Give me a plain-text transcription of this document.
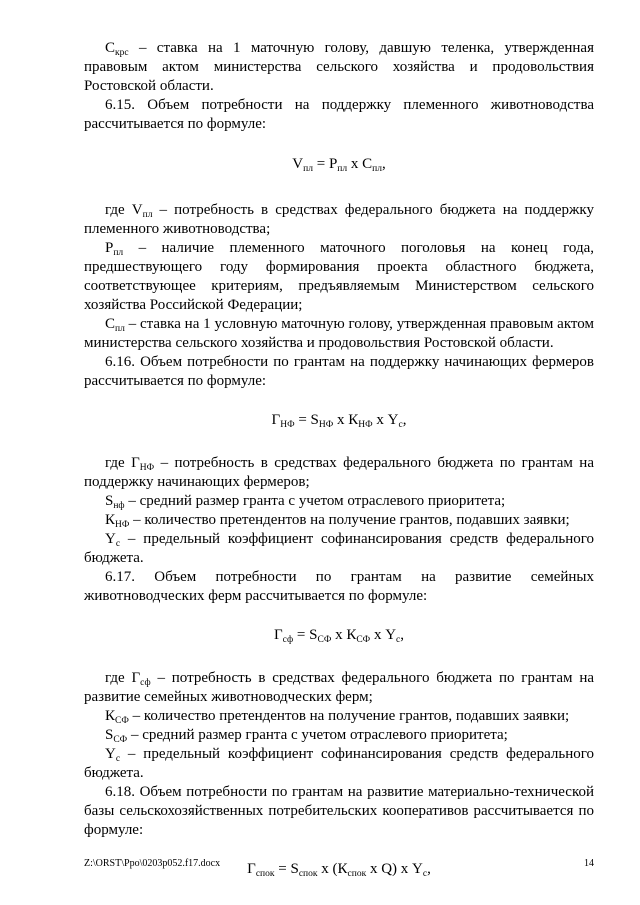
$С_{крс}$ – ставка на 1 маточную голову, давшую теленка, утвержденная правовым актом министерства сельского хозяйства и продовольствия Ростовской области.

6.15. Объем потребности на поддержку племенного животноводства рассчитывается по формуле:

$V_{пл} = Р_{пл}$ х $С_{пл}$,

где $V_{пл}$ – потребность в средствах федерального бюджета на поддержку племенного животноводства;

$Р_{пл}$ – наличие племенного маточного поголовья на конец года, предшествующего году формирования проекта областного бюджета, соответствующее критериям, предъявляемым Министерством сельского хозяйства Российской Федерации;

$С_{пл}$ – ставка на 1 условную маточную голову, утвержденная правовым актом министерства сельского хозяйства и продовольствия Ростовской области.

6.16. Объем потребности по грантам на поддержку начинающих фермеров рассчитывается по формуле:

$Г_{НФ} = S_{НФ}$ х $К_{НФ}$ х $Y_c$,

где $Г_{НФ}$ – потребность в средствах федерального бюджета по грантам на поддержку начинающих фермеров;

$S_{нф}$ – средний размер гранта с учетом отраслевого приоритета;

$К_{НФ}$ – количество претендентов на получение грантов, подавших заявки;

$Y_c$ – предельный коэффициент софинансирования средств федерального бюджета.

6.17. Объем потребности по грантам на развитие семейных животноводческих ферм рассчитывается по формуле:

$Г_{сф} = S_{СФ}$ х $К_{СФ}$ х $Y_c$,

где $Г_{сф}$ – потребность в средствах федерального бюджета по грантам на развитие семейных животноводческих ферм;

$К_{СФ}$ – количество претендентов на получение грантов, подавших заявки;

$S_{СФ}$ – средний размер гранта с учетом отраслевого приоритета;

$Y_c$ – предельный коэффициент софинансирования средств федерального бюджета.

6.18. Объем потребности по грантам на развитие материально-технической базы сельскохозяйственных потребительских кооперативов рассчитывается по формуле:

$Г_{спок} = S_{спок}$ х ($К_{спок}$ х Q) х $Y_c$,

Z:\ORST\Ppo\0203p052.f17.docx	14
